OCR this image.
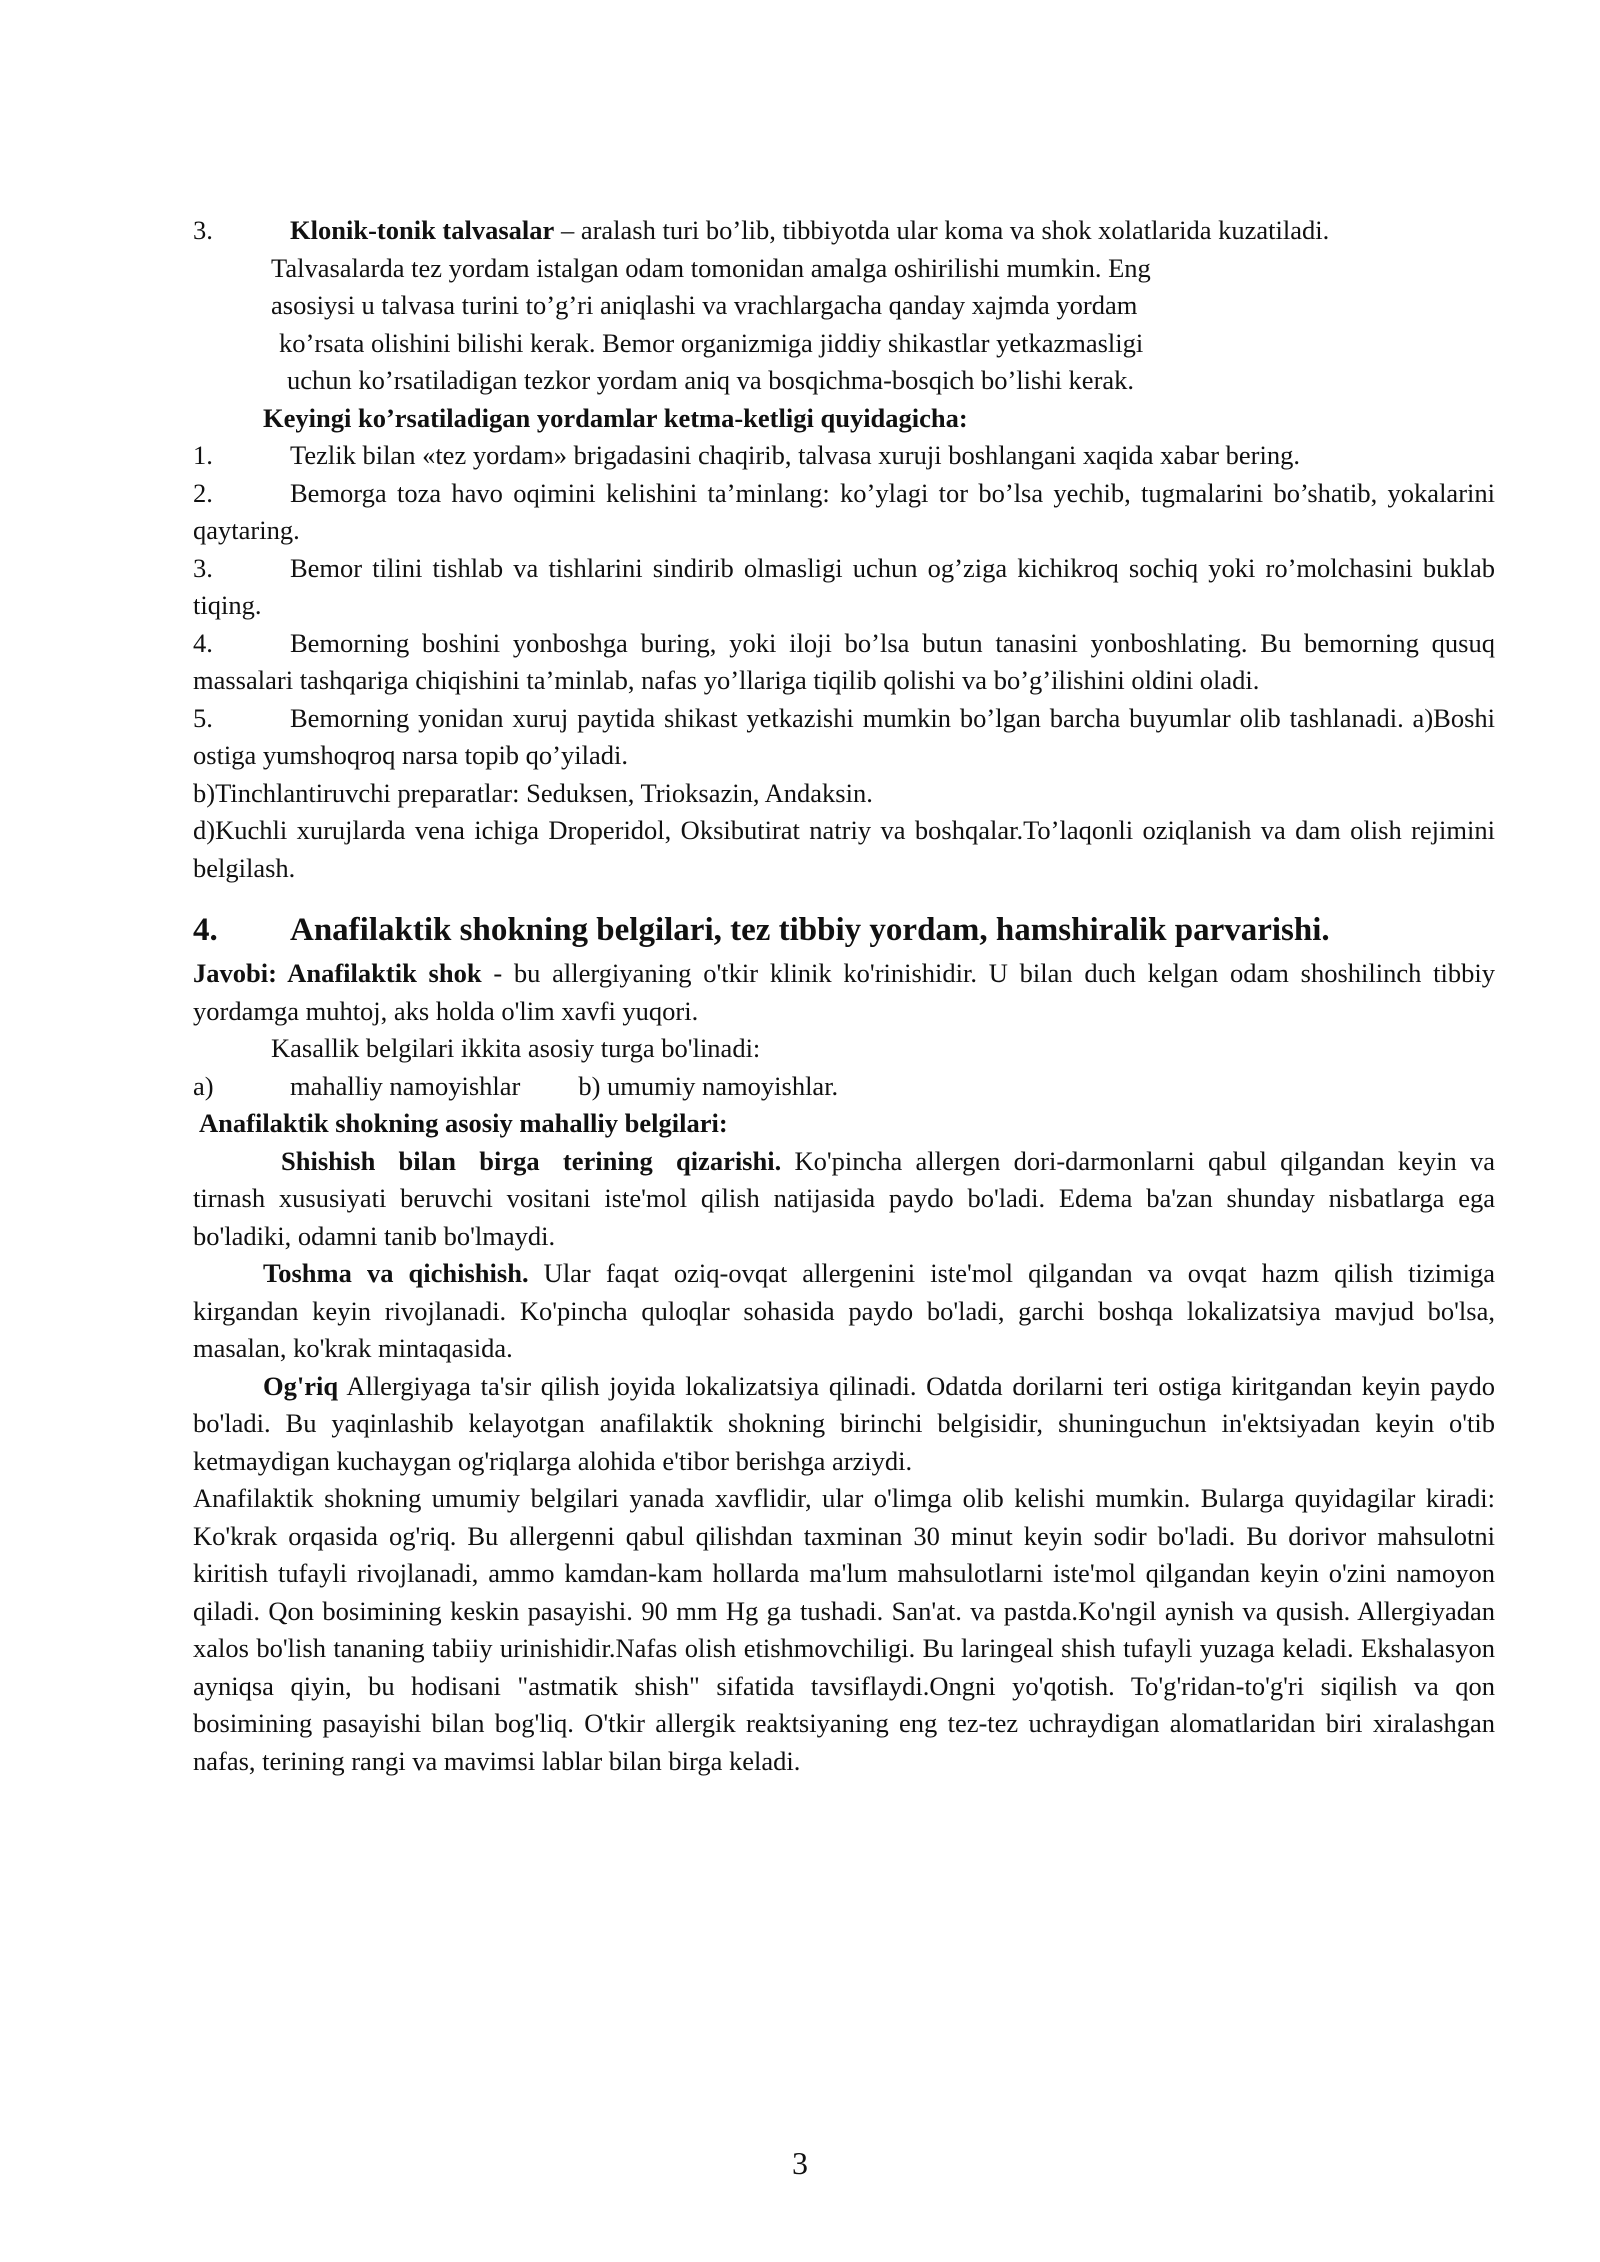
3.	Klonik-tonik talvasalar – aralash turi bo’lib, tibbiyotda ular koma va shok xolatlarida kuzatiladi.

Talvasalarda tez yordam istalgan odam tomonidan amalga oshirilishi mumkin. Eng

asosiysi u talvasa turini to’g’ri aniqlashi va vrachlargacha qanday xajmda yordam

ko’rsata olishini bilishi kerak. Bemor organizmiga jiddiy shikastlar yetkazmasligi

uchun ko’rsatiladigan tezkor yordam aniq va bosqichma-bosqich bo’lishi kerak.

Keyingi ko’rsatiladigan yordamlar ketma-ketligi quyidagicha:

1.	Tezlik bilan «tez yordam» brigadasini chaqirib, talvasa xuruji boshlangani xaqida xabar bering.

2.	Bemorga toza havo oqimini kelishini ta’minlang: ko’ylagi tor bo’lsa yechib, tugmalarini bo’shatib, yokalarini qaytaring.

3.	Bemor tilini tishlab va tishlarini sindirib olmasligi uchun og’ziga kichikroq sochiq yoki ro’molchasini buklab tiqing.

4.	Bemorning boshini yonboshga buring, yoki iloji bo’lsa butun tanasini yonboshlating. Bu bemorning qusuq massalari tashqariga chiqishini ta’minlab, nafas yo’llariga tiqilib qolishi va bo’g’ilishini oldini oladi.

5.	Bemorning yonidan xuruj paytida shikast yetkazishi mumkin bo’lgan barcha buyumlar olib tashlanadi. a)Boshi ostiga yumshoqroq narsa topib qo’yiladi.

b)Tinchlantiruvchi preparatlar: Seduksen, Trioksazin, Andaksin.

d)Kuchli xurujlarda vena ichiga Droperidol, Oksibutirat natriy va boshqalar.To’laqonli oziqlanish va dam olish rejimini belgilash.

4. Anafilaktik shokning belgilari, tez tibbiy yordam, hamshiralik parvarishi.

Javobi: Anafilaktik shok - bu allergiyaning o'tkir klinik ko'rinishidir. U bilan duch kelgan odam shoshilinch tibbiy yordamga muhtoj, aks holda o'lim xavfi yuqori.

Kasallik belgilari ikkita asosiy turga bo'linadi:

a)	mahalliy namoyishlar b) umumiy namoyishlar.

Anafilaktik shokning asosiy mahalliy belgilari:

Shishish bilan birga terining qizarishi. Ko'pincha allergen dori-darmonlarni qabul qilgandan keyin va tirnash xususiyati beruvchi vositani iste'mol qilish natijasida paydo bo'ladi. Edema ba'zan shunday nisbatlarga ega bo'ladiki, odamni tanib bo'lmaydi.

Toshma va qichishish. Ular faqat oziq-ovqat allergenini iste'mol qilgandan va ovqat hazm qilish tizimiga kirgandan keyin rivojlanadi. Ko'pincha quloqlar sohasida paydo bo'ladi, garchi boshqa lokalizatsiya mavjud bo'lsa, masalan, ko'krak mintaqasida.

Og'riq Allergiyaga ta'sir qilish joyida lokalizatsiya qilinadi. Odatda dorilarni teri ostiga kiritgandan keyin paydo bo'ladi. Bu yaqinlashib kelayotgan anafilaktik shokning birinchi belgisidir, shuninguchun in'ektsiyadan keyin o'tib ketmaydigan kuchaygan og'riqlarga alohida e'tibor berishga arziydi.

Anafilaktik shokning umumiy belgilari yanada xavflidir, ular o'limga olib kelishi mumkin. Bularga quyidagilar kiradi: Ko'krak orqasida og'riq. Bu allergenni qabul qilishdan taxminan 30 minut keyin sodir bo'ladi. Bu dorivor mahsulotni kiritish tufayli rivojlanadi, ammo kamdan-kam hollarda ma'lum mahsulotlarni iste'mol qilgandan keyin o'zini namoyon qiladi. Qon bosimining keskin pasayishi. 90 mm Hg ga tushadi. San'at. va pastda.Ko'ngil aynish va qusish. Allergiyadan xalos bo'lish tananing tabiiy urinishidir.Nafas olish etishmovchiligi. Bu laringeal shish tufayli yuzaga keladi. Ekshalasyon ayniqsa qiyin, bu hodisani "astmatik shish" sifatida tavsiflaydi.Ongni yo'qotish. To'g'ridan-to'g'ri siqilish va qon bosimining pasayishi bilan bog'liq. O'tkir allergik reaktsiyaning eng tez-tez uchraydigan alomatlaridan biri xiralashgan nafas, terining rangi va mavimsi lablar bilan birga keladi.

3
